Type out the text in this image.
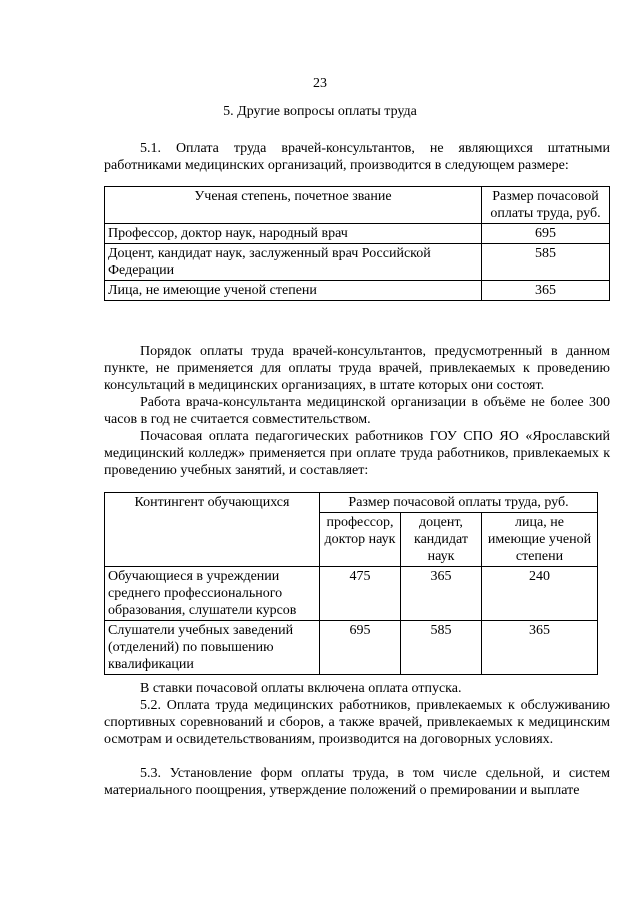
23
5. Другие вопросы оплаты труда
5.1. Оплата труда врачей-консультантов, не являющихся штатными работниками медицинских организаций, производится в следующем размере:
Ученая степень, почетное звание	Размер почасовой оплаты труда, руб.
Профессор, доктор наук, народный врач	695
Доцент, кандидат наук, заслуженный врач Российской Федерации	585
Лица, не имеющие ученой степени	365
Порядок оплаты труда врачей-консультантов, предусмотренный в данном пункте, не применяется для оплаты труда врачей, привлекаемых к проведению консультаций в медицинских организациях, в штате которых они состоят.
Работа врача-консультанта медицинской организации в объёме не более 300 часов в год не считается совместительством.
Почасовая оплата педагогических работников ГОУ СПО ЯО «Ярославский медицинский колледж» применяется при оплате труда работников, привлекаемых к проведению учебных занятий, и составляет:
Контингент обучающихся	Размер почасовой оплаты труда, руб.		
	профессор, доктор наук	доцент, кандидат наук	лица, не имеющие ученой степени
Обучающиеся в учреждении среднего профессионального образования, слушатели курсов	475	365	240
Слушатели учебных заведений (отделений) по повышению квалификации	695	585	365
В ставки почасовой оплаты включена оплата отпуска.
5.2. Оплата труда медицинских работников, привлекаемых к обслуживанию спортивных соревнований и сборов, а также врачей, привлекаемых к медицинским осмотрам и освидетельствованиям, производится на договорных условиях.
5.3. Установление форм оплаты труда, в том числе сдельной, и систем материального поощрения, утверждение положений о премировании и выплате
